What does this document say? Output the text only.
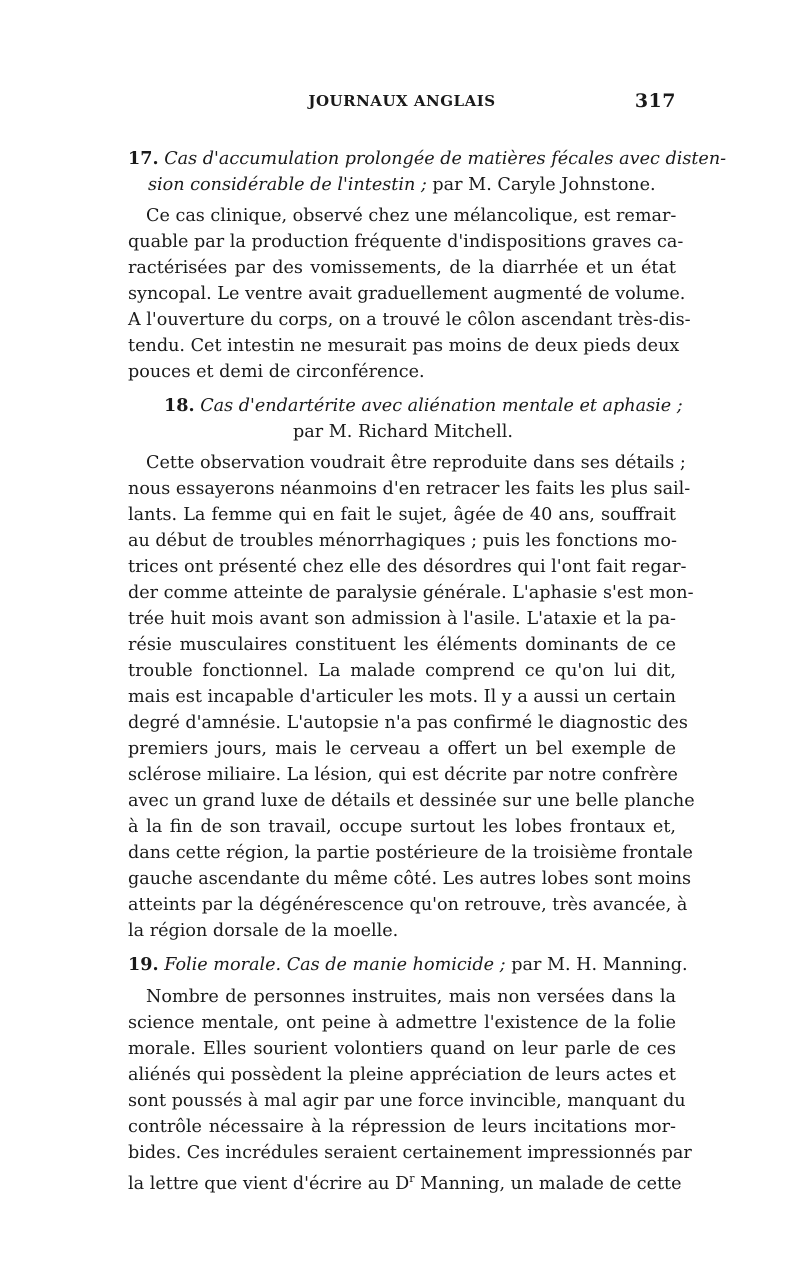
JOURNAUX ANGLAIS	317
17. Cas d'accumulation prolongée de matières fécales avec disten-
sion considérable de l'intestin ; par M. Caryle Johnstone.
Ce cas clinique, observé chez une mélancolique, est remar-
quable par la production fréquente d'indispositions graves ca-
ractérisées par des vomissements, de la diarrhée et un état
syncopal. Le ventre avait graduellement augmenté de volume.
A l'ouverture du corps, on a trouvé le côlon ascendant très-dis-
tendu. Cet intestin ne mesurait pas moins de deux pieds deux
pouces et demi de circonférence.
18. Cas d'endartérite avec aliénation mentale et aphasie ;
par M. Richard Mitchell.
Cette observation voudrait être reproduite dans ses détails ;
nous essayerons néanmoins d'en retracer les faits les plus sail-
lants. La femme qui en fait le sujet, âgée de 40 ans, souffrait
au début de troubles ménorrhagiques ; puis les fonctions mo-
trices ont présenté chez elle des désordres qui l'ont fait regar-
der comme atteinte de paralysie générale. L'aphasie s'est mon-
trée huit mois avant son admission à l'asile. L'ataxie et la pa-
résie musculaires constituent les éléments dominants de ce
trouble fonctionnel. La malade comprend ce qu'on lui dit,
mais est incapable d'articuler les mots. Il y a aussi un certain
degré d'amnésie. L'autopsie n'a pas confirmé le diagnostic des
premiers jours, mais le cerveau a offert un bel exemple de
sclérose miliaire. La lésion, qui est décrite par notre confrère
avec un grand luxe de détails et dessinée sur une belle planche
à la fin de son travail, occupe surtout les lobes frontaux et,
dans cette région, la partie postérieure de la troisième frontale
gauche ascendante du même côté. Les autres lobes sont moins
atteints par la dégénérescence qu'on retrouve, très avancée, à
la région dorsale de la moelle.
19. Folie morale. Cas de manie homicide ; par M. H. Manning.
Nombre de personnes instruites, mais non versées dans la
science mentale, ont peine à admettre l'existence de la folie
morale. Elles sourient volontiers quand on leur parle de ces
aliénés qui possèdent la pleine appréciation de leurs actes et
sont poussés à mal agir par une force invincible, manquant du
contrôle nécessaire à la répression de leurs incitations mor-
bides. Ces incrédules seraient certainement impressionnés par
la lettre que vient d'écrire au $D^r$ Manning, un malade de cette
